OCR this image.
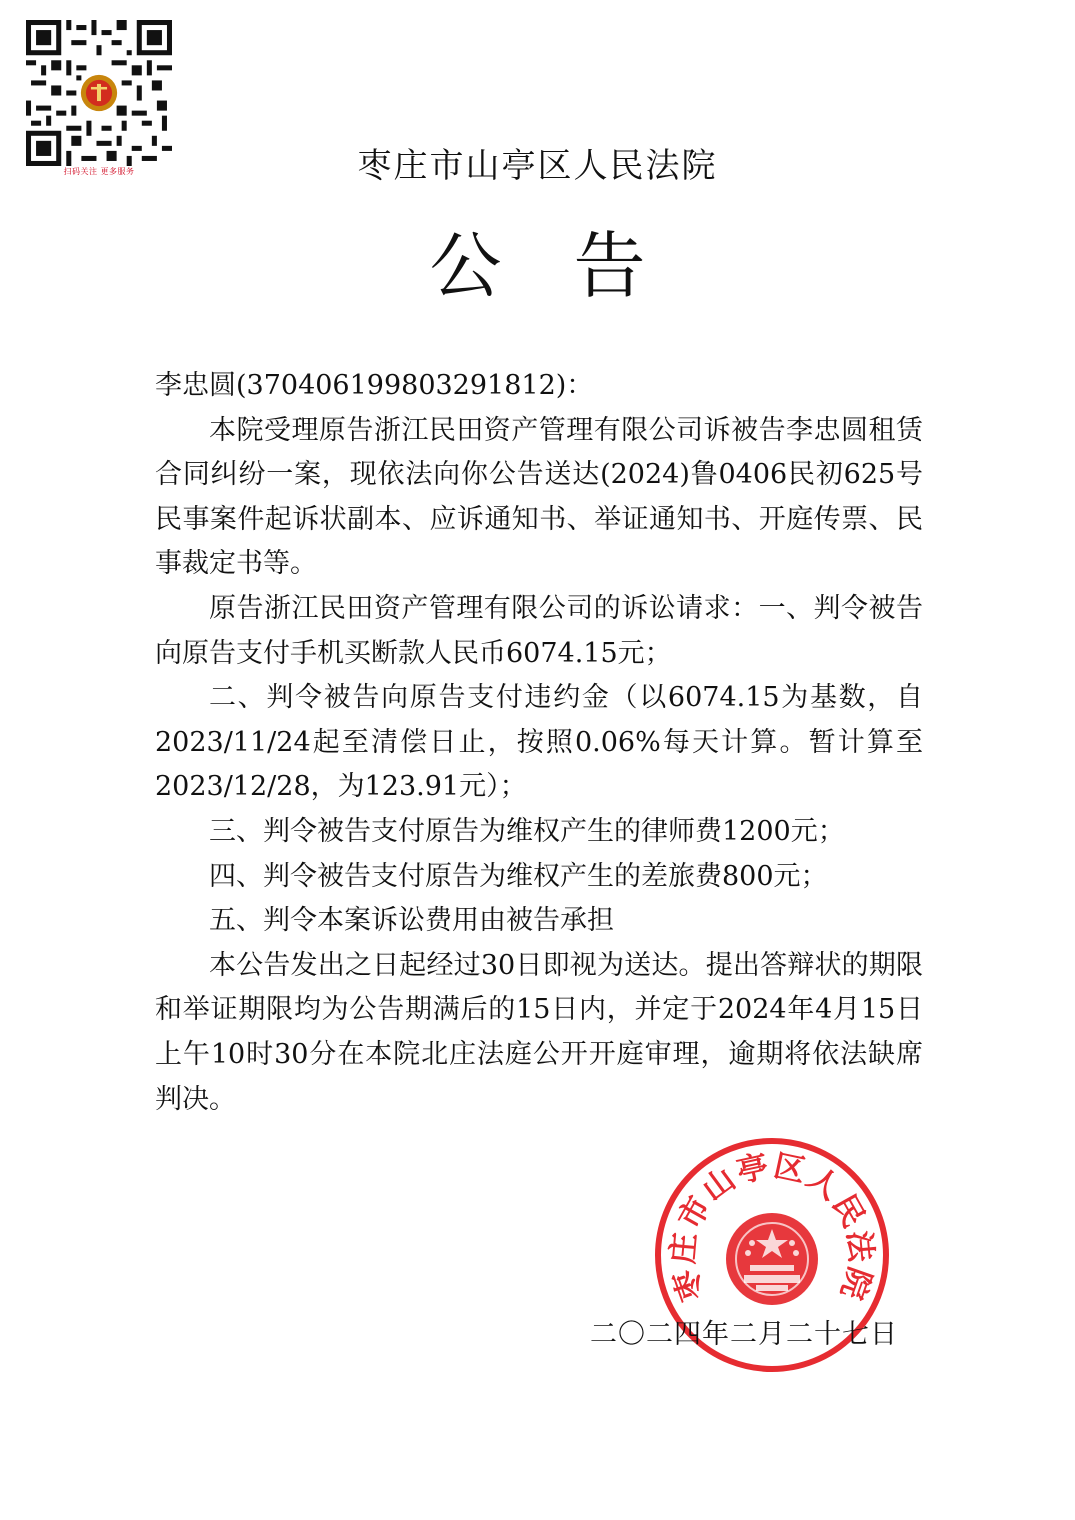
扫码关注 更多服务	枣庄市山亭区人民法院
公告

李忠圆(370406199803291812)：

本院受理原告浙江民田资产管理有限公司诉被告李忠圆租赁合同纠纷一案，现依法向你公告送达(2024)鲁0406民初625号民事案件起诉状副本、应诉通知书、举证通知书、开庭传票、民事裁定书等。

原告浙江民田资产管理有限公司的诉讼请求：一、判令被告向原告支付手机买断款人民币6074.15元；

二、判令被告向原告支付违约金（以6074.15为基数，自2023/11/24起至清偿日止，按照0.06%每天计算。暂计算至2023/12/28，为123.91元）；

三、判令被告支付原告为维权产生的律师费1200元；

四、判令被告支付原告为维权产生的差旅费800元；

五、判令本案诉讼费用由被告承担

本公告发出之日起经过30日即视为送达。提出答辩状的期限和举证期限均为公告期满后的15日内，并定于2024年4月15日上午10时30分在本院北庄法庭公开开庭审理，逾期将依法缺席判决。

枣庄市山亭区人民法院
二〇二四年二月二十七日
